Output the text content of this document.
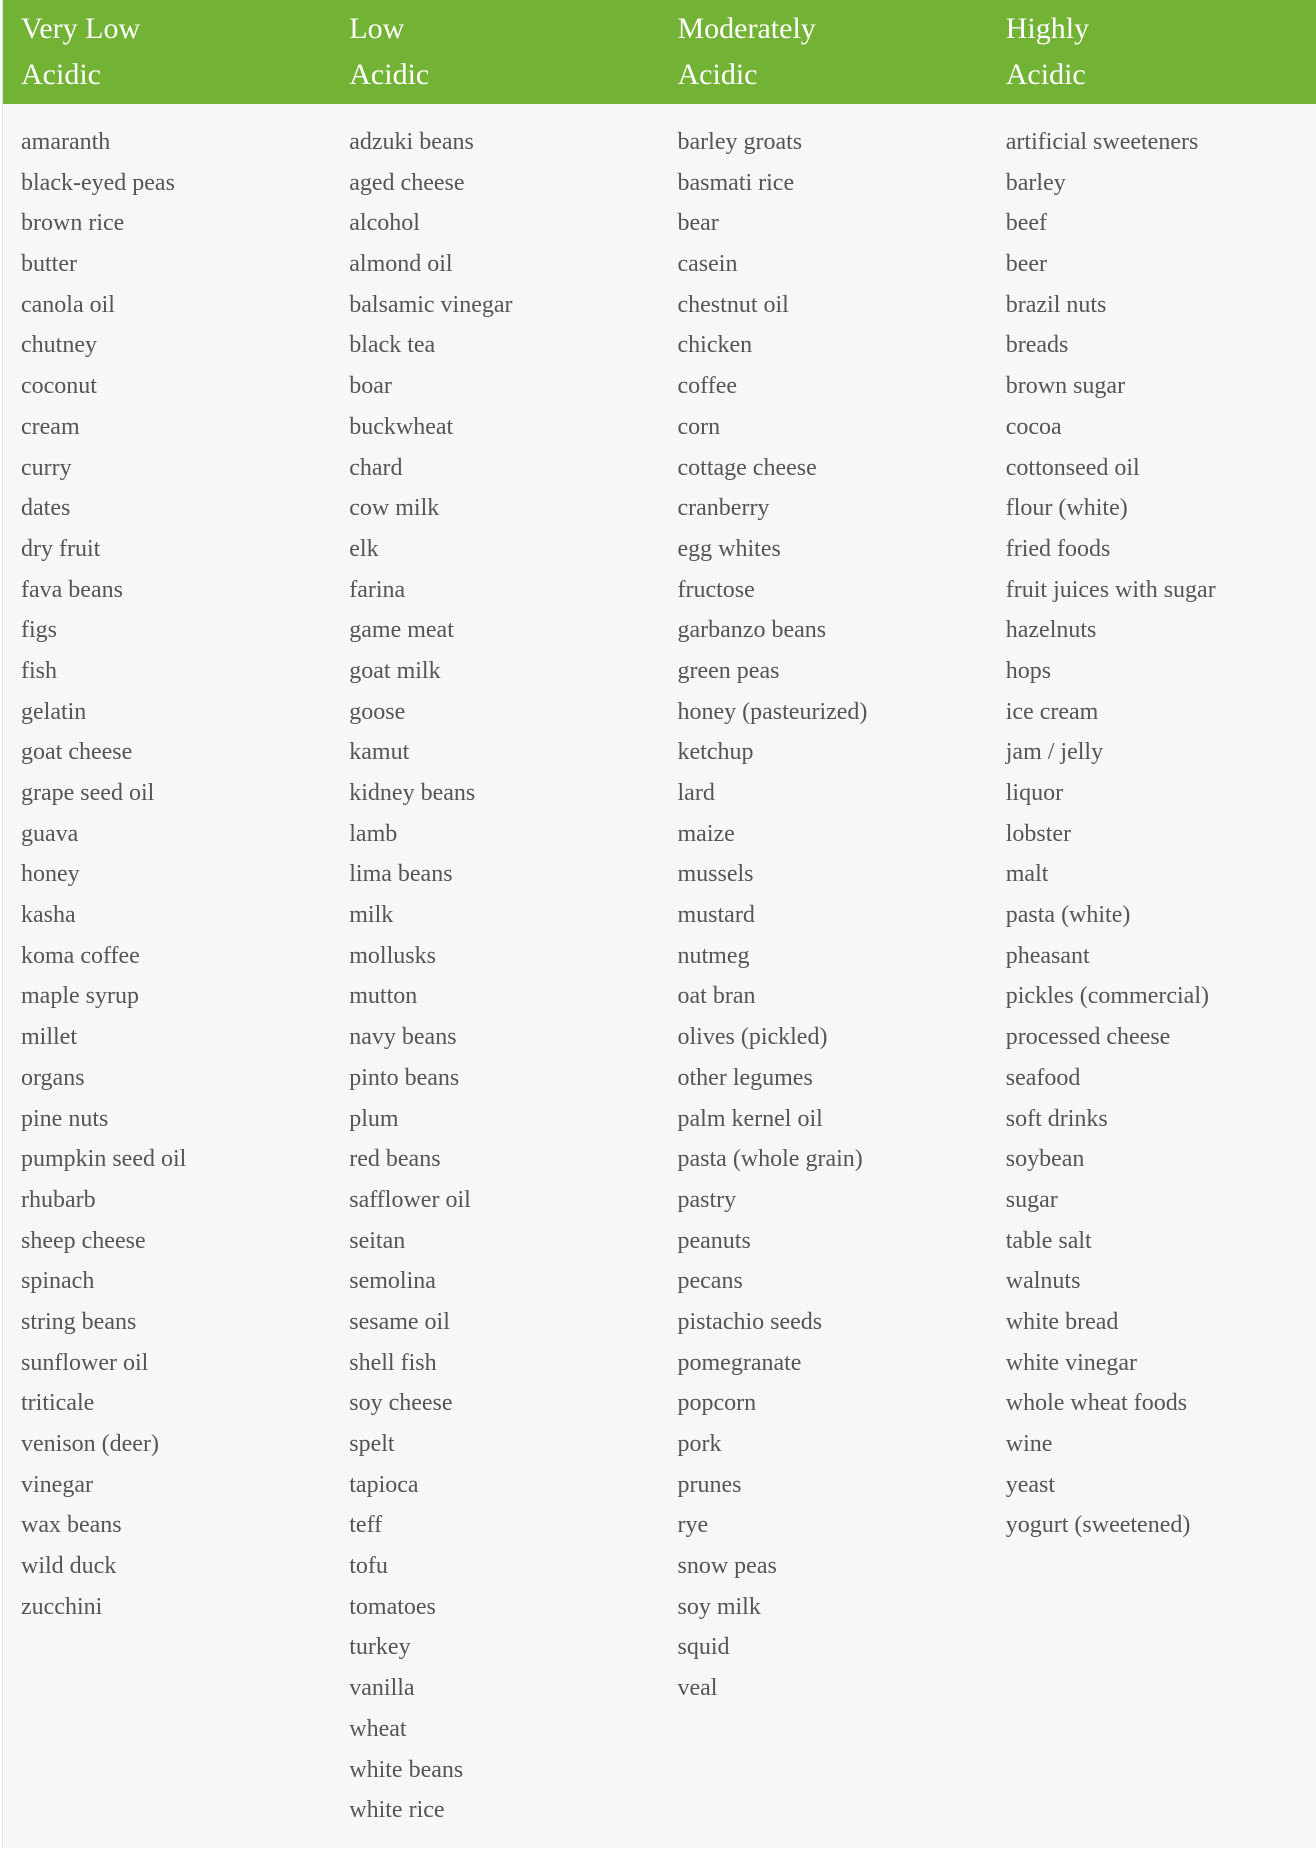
Very Low
Acidic
Low
Acidic
Moderately
Acidic
Highly
Acidic
amaranth
black-eyed peas
brown rice
butter
canola oil
chutney
coconut
cream
curry
dates
dry fruit
fava beans
figs
fish
gelatin
goat cheese
grape seed oil
guava
honey
kasha
koma coffee
maple syrup
millet
organs
pine nuts
pumpkin seed oil
rhubarb
sheep cheese
spinach
string beans
sunflower oil
triticale
venison (deer)
vinegar
wax beans
wild duck
zucchini
adzuki beans
aged cheese
alcohol
almond oil
balsamic vinegar
black tea
boar
buckwheat
chard
cow milk
elk
farina
game meat
goat milk
goose
kamut
kidney beans
lamb
lima beans
milk
mollusks
mutton
navy beans
pinto beans
plum
red beans
safflower oil
seitan
semolina
sesame oil
shell fish
soy cheese
spelt
tapioca
teff
tofu
tomatoes
turkey
vanilla
wheat
white beans
white rice
barley groats
basmati rice
bear
casein
chestnut oil
chicken
coffee
corn
cottage cheese
cranberry
egg whites
fructose
garbanzo beans
green peas
honey (pasteurized)
ketchup
lard
maize
mussels
mustard
nutmeg
oat bran
olives (pickled)
other legumes
palm kernel oil
pasta (whole grain)
pastry
peanuts
pecans
pistachio seeds
pomegranate
popcorn
pork
prunes
rye
snow peas
soy milk
squid
veal
artificial sweeteners
barley
beef
beer
brazil nuts
breads
brown sugar
cocoa
cottonseed oil
flour (white)
fried foods
fruit juices with sugar
hazelnuts
hops
ice cream
jam / jelly
liquor
lobster
malt
pasta (white)
pheasant
pickles (commercial)
processed cheese
seafood
soft drinks
soybean
sugar
table salt
walnuts
white bread
white vinegar
whole wheat foods
wine
yeast
yogurt (sweetened)
